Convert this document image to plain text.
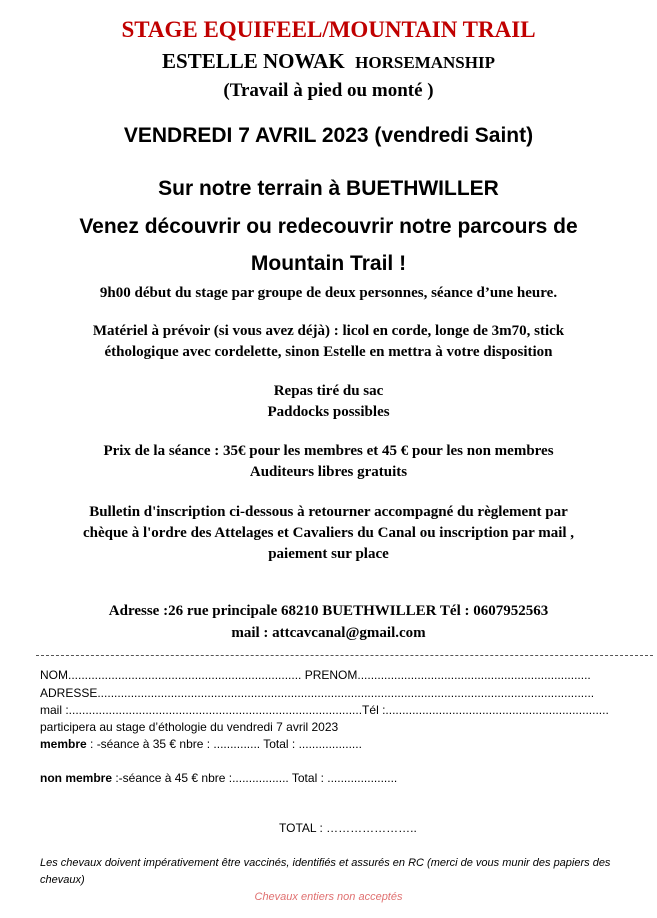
STAGE EQUIFEEL/MOUNTAIN TRAIL

ESTELLE NOWAK HORSEMANSHIP

(Travail à pied ou monté )

VENDREDI 7 AVRIL 2023 (vendredi Saint)

Sur notre terrain à BUETHWILLER

Venez découvrir ou redecouvrir notre parcours de

Mountain Trail !

9h00 début du stage par groupe de deux personnes, séance d’une heure.

Matériel à prévoir (si vous avez déjà) : licol en corde, longe de 3m70, stick

éthologique avec cordelette, sinon Estelle en mettra à votre disposition

Repas tiré du sac

Paddocks possibles

Prix de la séance : 35€ pour les membres et 45 € pour les non membres

Auditeurs libres gratuits

Bulletin d'inscription ci-dessous à retourner accompagné du règlement par

chèque à l'ordre des Attelages et Cavaliers du Canal ou inscription par mail ,

paiement sur place

Adresse :26 rue principale 68210 BUETHWILLER Tél : 0607952563

mail : attcavcanal@gmail.com

NOM...................................................................... PRENOM......................................................................

ADRESSE.....................................................................................................................................................

mail :........................................................................................Tél :...................................................................

participera au stage d’éthologie du vendredi 7 avril 2023

membre : -séance à 35 € nbre : .............. Total : ...................

non membre :-séance à 45 € nbre :................. Total : .....................

TOTAL : …………………..

Les chevaux doivent impérativement être vaccinés, identifiés et assurés en RC (merci de vous munir des papiers des chevaux)

Chevaux entiers non acceptés
